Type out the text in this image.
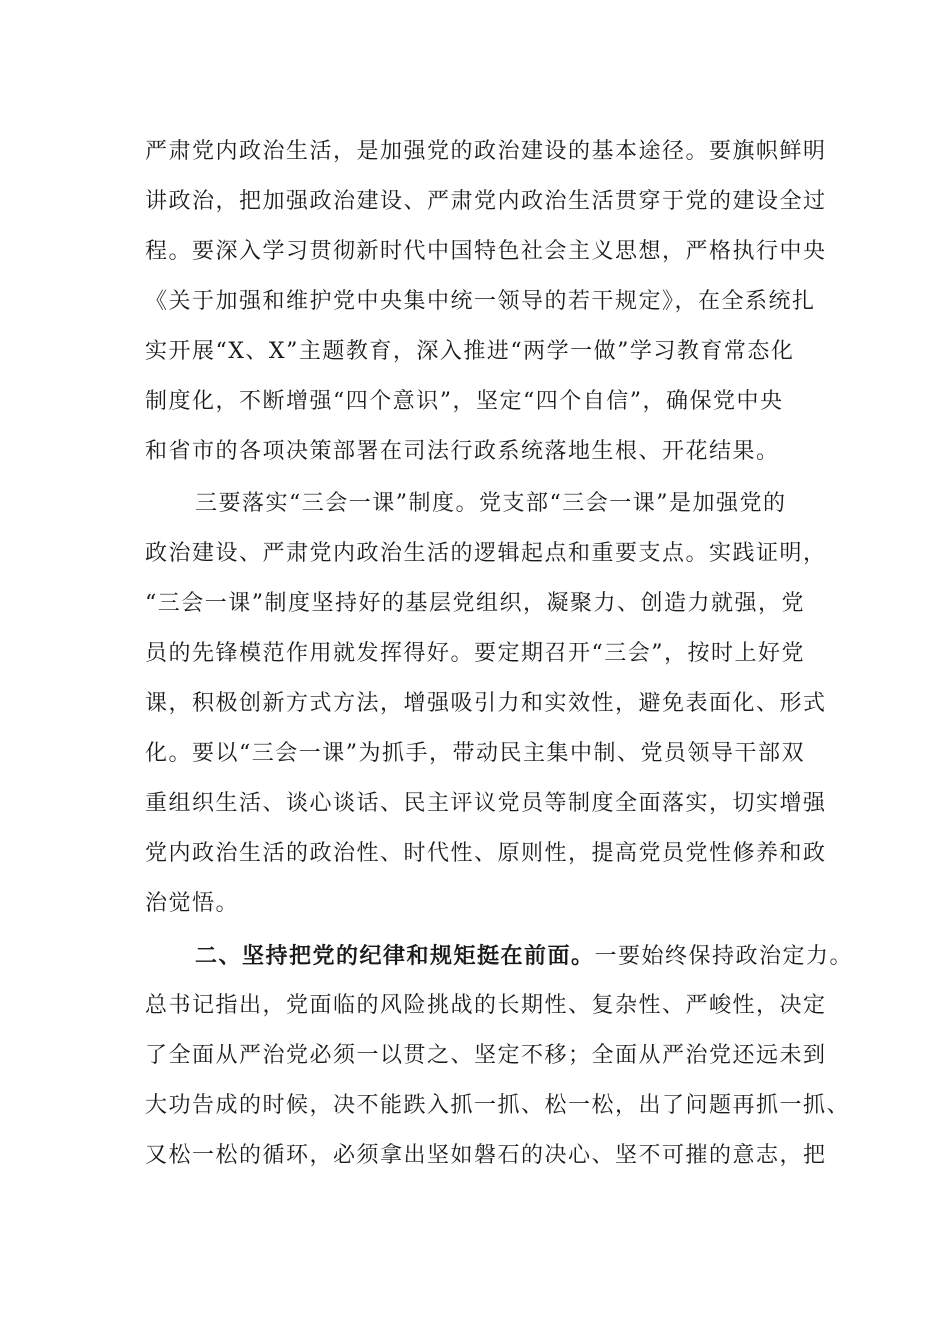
严肃党内政治生活，是加强党的政治建设的基本途径。要旗帜鲜明
讲政治，把加强政治建设、严肃党内政治生活贯穿于党的建设全过
程。要深入学习贯彻新时代中国特色社会主义思想，严格执行中央
《关于加强和维护党中央集中统一领导的若干规定》，在全系统扎
实开展“X、X”主题教育，深入推进“两学一做”学习教育常态化
制度化，不断增强“四个意识”，坚定“四个自信”，确保党中央
和省市的各项决策部署在司法行政系统落地生根、开花结果。
三要落实“三会一课”制度。党支部“三会一课”是加强党的
政治建设、严肃党内政治生活的逻辑起点和重要支点。实践证明，
“三会一课”制度坚持好的基层党组织，凝聚力、创造力就强，党
员的先锋模范作用就发挥得好。要定期召开“三会”，按时上好党
课，积极创新方式方法，增强吸引力和实效性，避免表面化、形式
化。要以“三会一课”为抓手，带动民主集中制、党员领导干部双
重组织生活、谈心谈话、民主评议党员等制度全面落实，切实增强
党内政治生活的政治性、时代性、原则性，提高党员党性修养和政
治觉悟。
二、坚持把党的纪律和规矩挺在前面。一要始终保持政治定力。
总书记指出，党面临的风险挑战的长期性、复杂性、严峻性，决定
了全面从严治党必须一以贯之、坚定不移；全面从严治党还远未到
大功告成的时候，决不能跌入抓一抓、松一松，出了问题再抓一抓、
又松一松的循环，必须拿出坚如磐石的决心、坚不可摧的意志，把
